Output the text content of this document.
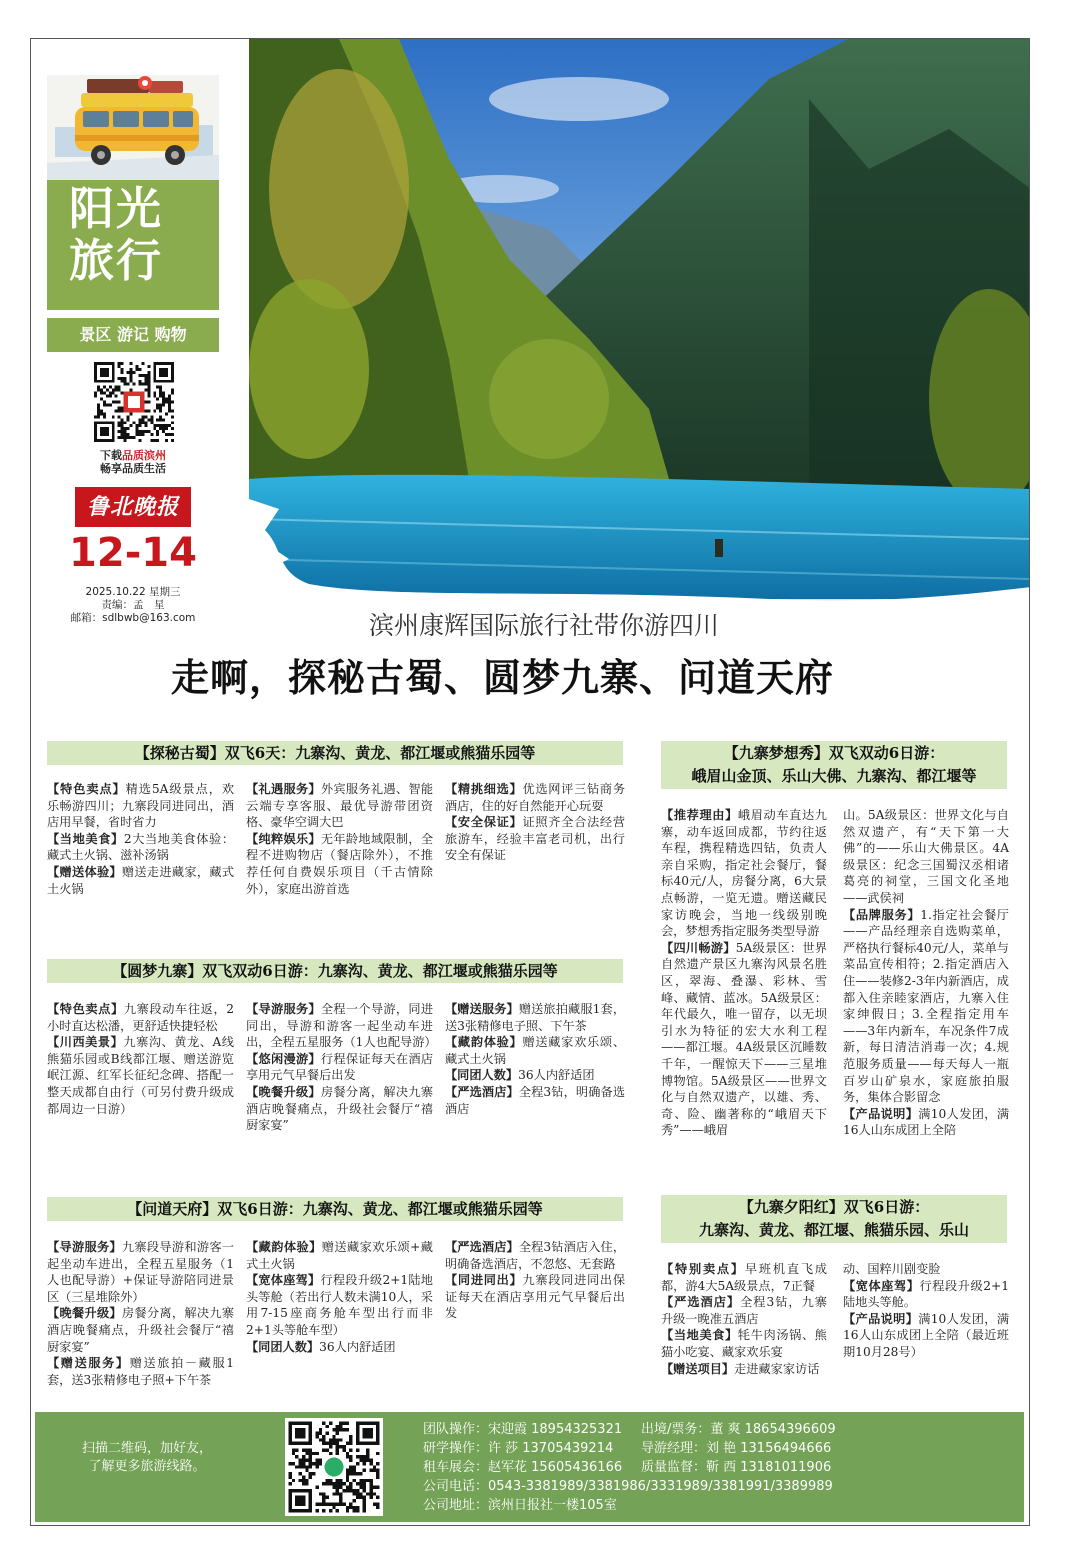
阳光
旅行
景区 游记 购物
下载品质滨州
畅享品质生活
鲁北晚报
12-14
2025.10.22 星期三
责编：孟　星
邮箱：sdlbwb@163.com	滨州康辉国际旅行社带你游四川
走啊，探秘古蜀、圆梦九寨、问道天府
【探秘古蜀】双飞6天：九寨沟、黄龙、都江堰或熊猫乐园等
【特色卖点】精选5A级景点，欢乐畅游四川；九寨段同进同出，酒店用早餐，省时省力
【当地美食】2大当地美食体验：藏式土火锅、滋补汤锅
【赠送体验】赠送走进藏家，藏式土火锅
【礼遇服务】外宾服务礼遇、智能云端专享客服、最优导游带团资格、豪华空调大巴
【纯粹娱乐】无年龄地域限制，全程不进购物店（餐店除外），不推荐任何自费娱乐项目（千古情除外），家庭出游首选
【精挑细选】优选网评三钻商务酒店，住的好自然能开心玩耍
【安全保证】证照齐全合法经营旅游车，经验丰富老司机，出行安全有保证
【圆梦九寨】双飞双动6日游：九寨沟、黄龙、都江堰或熊猫乐园等
【特色卖点】九寨段动车往返，2小时直达松潘，更舒适快捷轻松
【川西美景】九寨沟、黄龙、A线熊猫乐园或B线都江堰、赠送游览岷江源、红军长征纪念碑、搭配一整天成都自由行（可另付费升级成都周边一日游）
【导游服务】全程一个导游，同进同出，导游和游客一起坐动车进出，全程五星服务（1人也配导游）
【悠闲漫游】行程保证每天在酒店享用元气早餐后出发
【晚餐升级】房餐分离，解决九寨酒店晚餐痛点，升级社会餐厅“禧厨家宴”
【赠送服务】赠送旅拍藏服1套，送3张精修电子照、下午茶
【藏韵体验】赠送藏家欢乐颂、藏式土火锅
【同团人数】36人内舒适团
【严选酒店】全程3钻，明确备选酒店
【问道天府】双飞6日游：九寨沟、黄龙、都江堰或熊猫乐园等
【导游服务】九寨段导游和游客一起坐动车进出，全程五星服务（1人也配导游）+保证导游陪同进景区（三星堆除外）
【晚餐升级】房餐分离，解决九寨酒店晚餐痛点，升级社会餐厅“禧厨家宴”
【赠送服务】赠送旅拍－藏服1套，送3张精修电子照+下午茶
【藏韵体验】赠送藏家欢乐颂+藏式土火锅
【宽体座驾】行程段升级2+1陆地头等舱（若出行人数未满10人，采用7-15座商务舱车型出行而非2+1头等舱车型）
【同团人数】36人内舒适团
【严选酒店】全程3钻酒店入住，明确备选酒店，不忽悠、无套路
【同进同出】九寨段同进同出保证每天在酒店享用元气早餐后出发
【九寨梦想秀】双飞双动6日游：
峨眉山金顶、乐山大佛、九寨沟、都江堰等
【推荐理由】峨眉动车直达九寨，动车返回成都，节约往返车程，携程精选四钻，负责人亲自采购，指定社会餐厅，餐标40元/人，房餐分离，6大景点畅游，一览无遗。赠送藏民家访晚会，当地一线级别晚会，梦想秀指定服务类型导游
【四川畅游】5A级景区：世界自然遗产景区九寨沟风景名胜区，翠海、叠瀑、彩林、雪峰、藏情、蓝冰。5A级景区：年代最久，唯一留存，以无坝引水为特征的宏大水利工程——都江堰。4A级景区沉睡数千年，一醒惊天下——三星堆博物馆。5A级景区——世界文化与自然双遗产，以雄、秀、奇、险、幽著称的“峨眉天下秀”——峨眉
山。5A级景区：世界文化与自然双遗产，有“天下第一大佛”的——乐山大佛景区。4A级景区：纪念三国蜀汉丞相诸葛亮的祠堂，三国文化圣地——武侯祠
【品牌服务】1.指定社会餐厅——产品经理亲自选购菜单，严格执行餐标40元/人，菜单与菜品宣传相符；2.指定酒店入住——装修2-3年内新酒店，成都入住亲睦家酒店，九寨入住家绅假日；3.全程指定用车——3年内新车，车况条件7成新，每日清洁消毒一次；4.规范服务质量——每天每人一瓶百岁山矿泉水，家庭旅拍服务，集体合影留念
【产品说明】满10人发团，满16人山东成团上全陪
【九寨夕阳红】双飞6日游：
九寨沟、黄龙、都江堰、熊猫乐园、乐山
【特别卖点】早班机直飞成都，游4大5A级景点，7正餐
【严选酒店】全程3钻，九寨升级一晚准五酒店
【当地美食】牦牛肉汤锅、熊猫小吃宴、藏家欢乐宴
【赠送项目】走进藏家家访话
动、国粹川剧变脸
【宽体座驾】行程段升级2+1陆地头等舱。
【产品说明】满10人发团，满16人山东成团上全陪（最近班期10月28号）
扫描二维码，加好友，了解更多旅游线路。
团队操作：宋迎霞 18954325321 出境/票务：董 爽 18654396609
研学操作：许 莎 13705439214 导游经理：刘 艳 13156494666
租车展会：赵军花 15605436166 质量监督：靳 西 13181011906
公司电话：0543-3381989/3381986/3331989/3381991/3389989
公司地址：滨州日报社一楼105室
